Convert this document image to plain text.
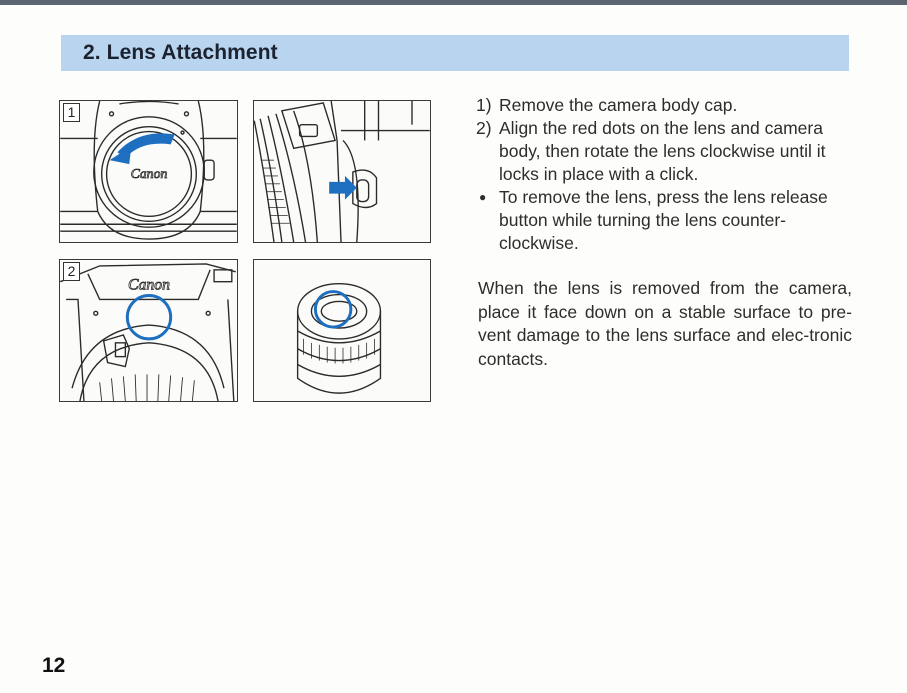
2. Lens Attachment
1
Canon
2
Canon
1) Remove the camera body cap.
2) Align the red dots on the lens and camera body, then rotate the lens clockwise until it locks in place with a click.
● To remove the lens, press the lens release button while turning the lens counter-clockwise.

When the lens is removed from the camera, place it face down on a stable surface to pre-vent damage to the lens surface and elec-tronic contacts.

12
